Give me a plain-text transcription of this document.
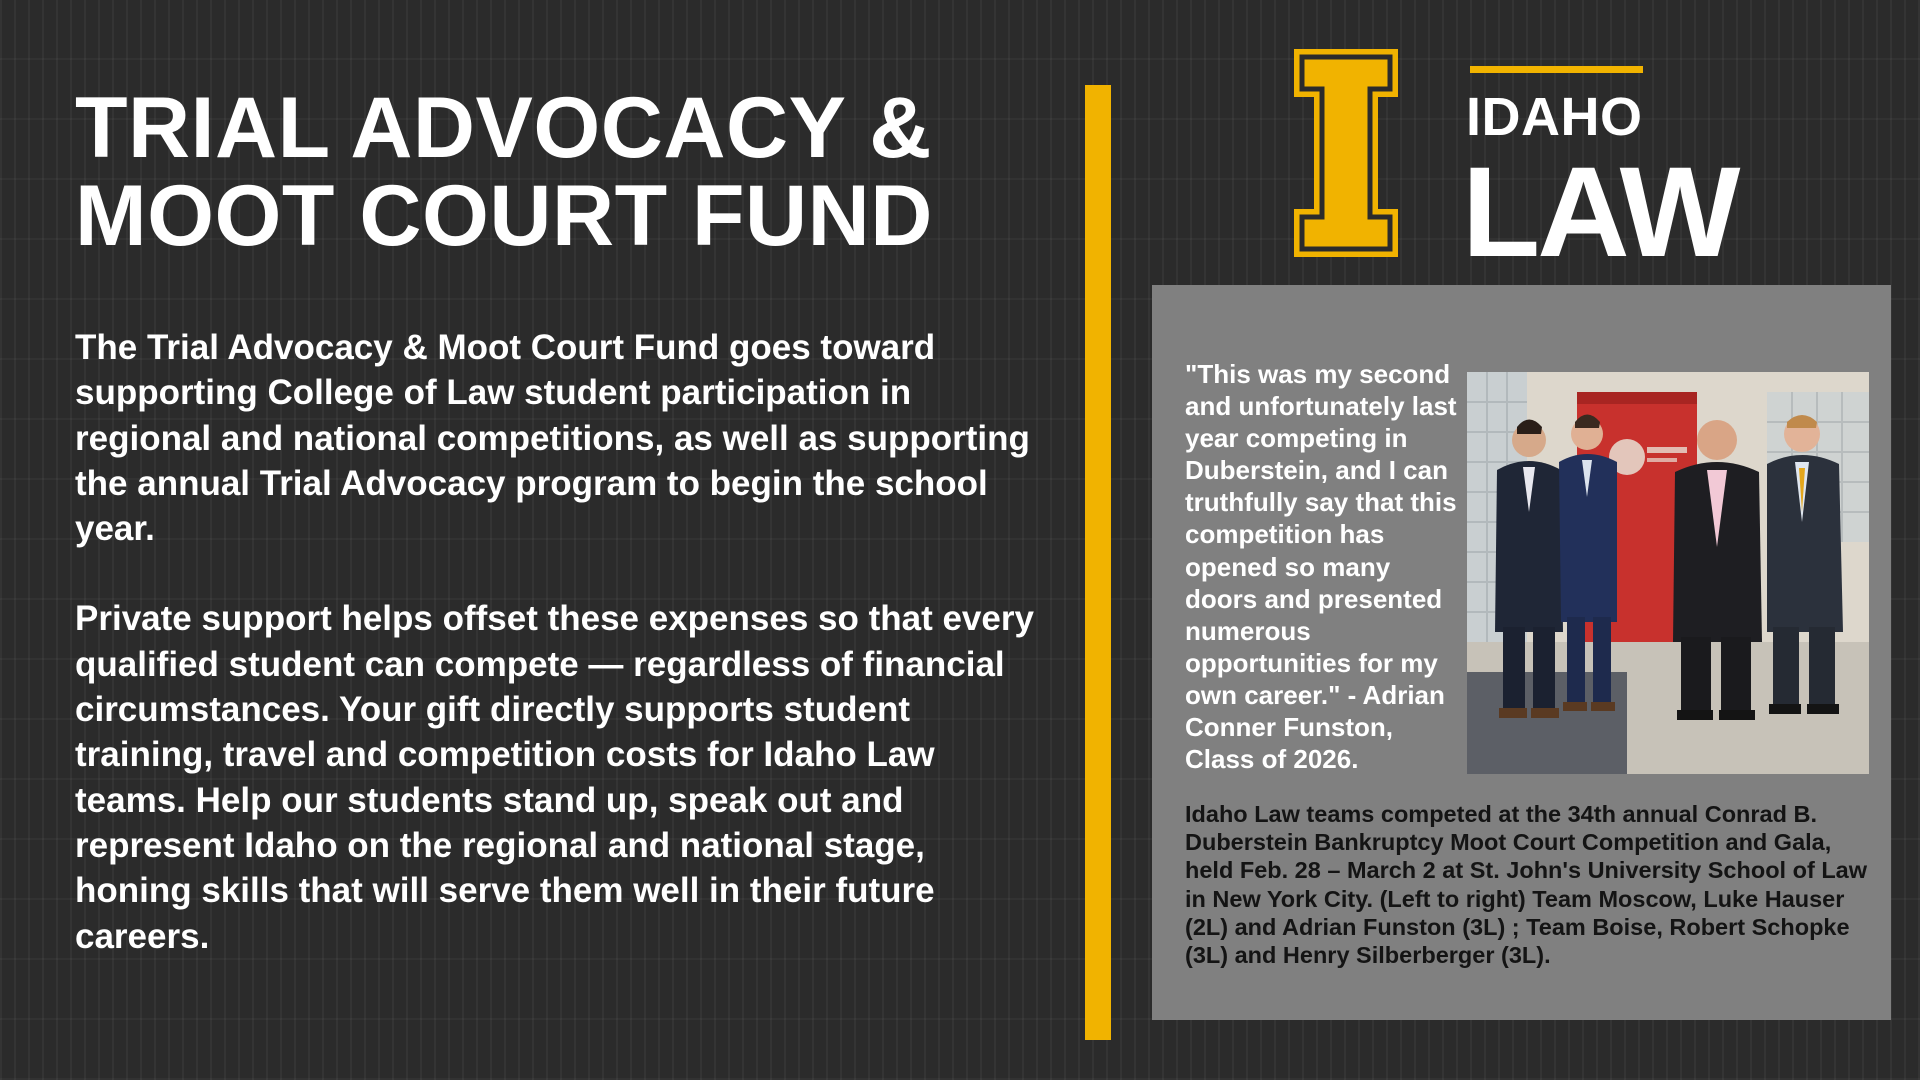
TRIAL ADVOCACY &
MOOT COURT FUND

The Trial Advocacy & Moot Court Fund goes toward supporting College of Law student participation in regional and national competitions, as well as supporting the annual Trial Advocacy program to begin the school year.

Private support helps offset these expenses so that every qualified student can compete — regardless of financial circumstances. Your gift directly supports student training, travel and competition costs for Idaho Law teams. Help our students stand up, speak out and represent Idaho on the regional and national stage, honing skills that will serve them well in their future careers.

IDAHO
LAW

"This was my second and unfortunately last year competing in Duberstein, and I can truthfully say that this competition has opened so many doors and presented numerous opportunities for my own career." - Adrian Conner Funston, Class of 2026.

Idaho Law teams competed at the 34th annual Conrad B. Duberstein Bankruptcy Moot Court Competition and Gala, held Feb. 28 – March 2 at St. John's University School of Law in New York City. (Left to right) Team Moscow, Luke Hauser (2L) and Adrian Funston (3L) ; Team Boise, Robert Schopke (3L) and Henry Silberberger (3L).
